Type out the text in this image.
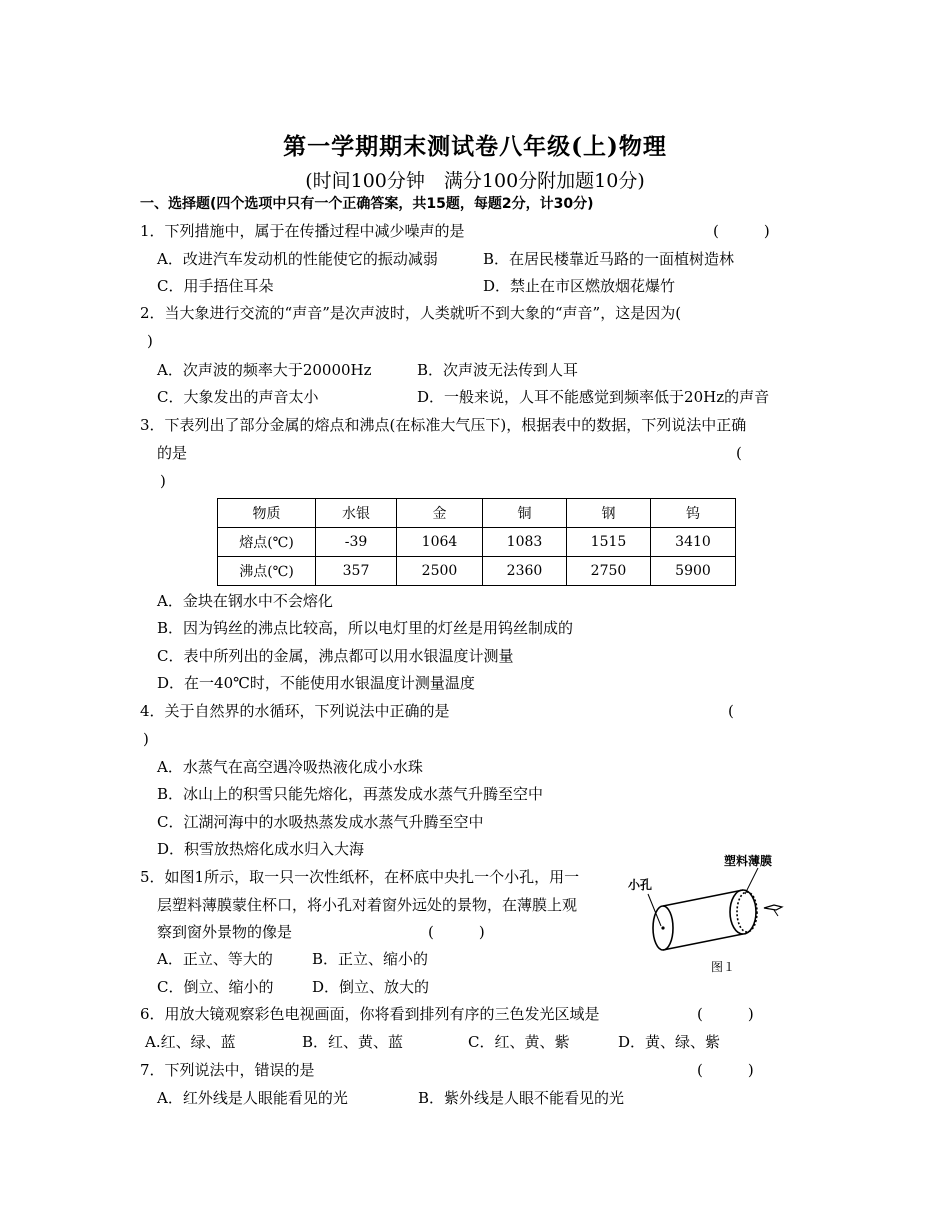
第一学期期末测试卷八年级(上)物理
(时间100分钟　满分100分附加题10分)
一、选择题(四个选项中只有一个正确答案，共15题，每题2分，计30分)
1．下列措施中，属于在传播过程中减少噪声的是	(　　　)
A．改进汽车发动机的性能使它的振动减弱	B．在居民楼靠近马路的一面植树造林
C．用手捂住耳朵	D．禁止在市区燃放烟花爆竹
2．当大象进行交流的“声音”是次声波时，人类就听不到大象的“声音”，这是因为(
)
A．次声波的频率大于20000Hz	B．次声波无法传到人耳
C．大象发出的声音太小	D．一般来说，人耳不能感觉到频率低于20Hz的声音
3．下表列出了部分金属的熔点和沸点(在标准大气压下)，根据表中的数据，下列说法中正确
的是	(
)
物质	水银	金	铜	钢	钨
熔点(℃)	-39	1064	1083	1515	3410
沸点(℃)	357	2500	2360	2750	5900
A．金块在钢水中不会熔化
B．因为钨丝的沸点比较高，所以电灯里的灯丝是用钨丝制成的
C．表中所列出的金属，沸点都可以用水银温度计测量
D．在一40℃时，不能使用水银温度计测量温度
4．关于自然界的水循环，下列说法中正确的是	(
)
A．水蒸气在高空遇冷吸热液化成小水珠
B．冰山上的积雪只能先熔化，再蒸发成水蒸气升腾至空中
C．江湖河海中的水吸热蒸发成水蒸气升腾至空中
D．积雪放热熔化成水归入大海
5．如图1所示，取一只一次性纸杯，在杯底中央扎一个小孔，用一
层塑料薄膜蒙住杯口，将小孔对着窗外远处的景物，在薄膜上观
察到窗外景物的像是	(　　　)
A．正立、等大的	B．正立、缩小的
C．倒立、缩小的	D．倒立、放大的
塑料薄膜
小孔
图１
6．用放大镜观察彩色电视画面，你将看到排列有序的三色发光区域是	(　　　)
A.红、绿、蓝	B．红、黄、蓝	C．红、黄、紫	D．黄、绿、紫
7．下列说法中，错误的是	(　　　)
A．红外线是人眼能看见的光	B．紫外线是人眼不能看见的光
